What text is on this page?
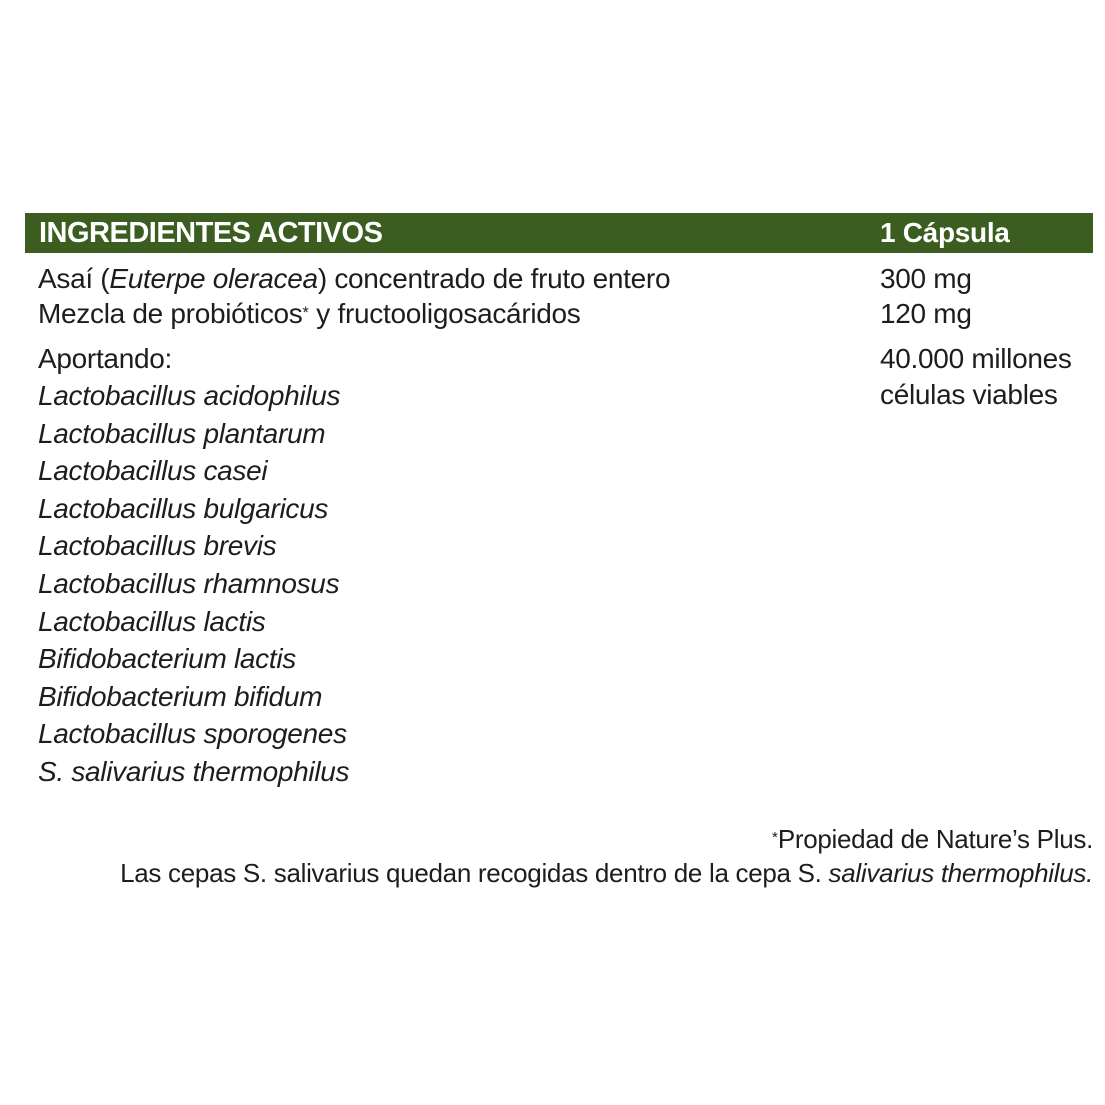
INGREDIENTES ACTIVOS	1 Cápsula
Asaí (Euterpe oleracea) concentrado de fruto entero	300 mg
Mezcla de probióticos* y fructooligosacáridos	120 mg
Aportando:	40.000 millones
células viables
Lactobacillus acidophilus
Lactobacillus plantarum
Lactobacillus casei
Lactobacillus bulgaricus
Lactobacillus brevis
Lactobacillus rhamnosus
Lactobacillus lactis
Bifidobacterium lactis
Bifidobacterium bifidum
Lactobacillus sporogenes
S. salivarius thermophilus
*Propiedad de Nature’s Plus.
Las cepas S. salivarius quedan recogidas dentro de la cepa S. salivarius thermophilus.
